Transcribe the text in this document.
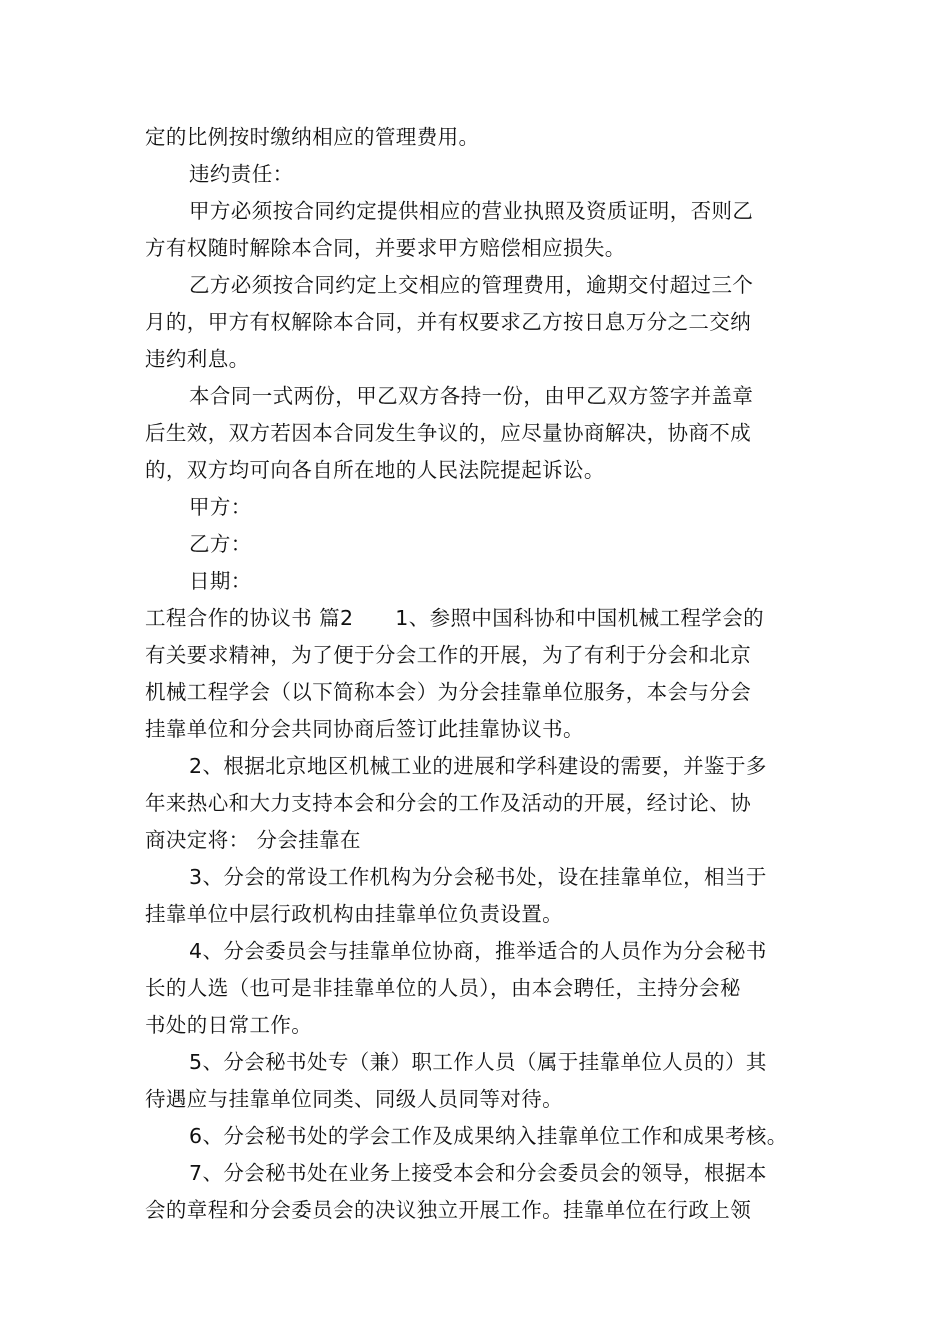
定的比例按时缴纳相应的管理费用。
违约责任：
甲方必须按合同约定提供相应的营业执照及资质证明，否则乙
方有权随时解除本合同，并要求甲方赔偿相应损失。
乙方必须按合同约定上交相应的管理费用，逾期交付超过三个
月的，甲方有权解除本合同，并有权要求乙方按日息万分之二交纳
违约利息。
本合同一式两份，甲乙双方各持一份，由甲乙双方签字并盖章
后生效，双方若因本合同发生争议的，应尽量协商解决，协商不成
的，双方均可向各自所在地的人民法院提起诉讼。
甲方：
乙方：
日期：
工程合作的协议书 篇2　　1、参照中国科协和中国机械工程学会的
有关要求精神，为了便于分会工作的开展，为了有利于分会和北京
机械工程学会（以下简称本会）为分会挂靠单位服务，本会与分会
挂靠单位和分会共同协商后签订此挂靠协议书。
2、根据北京地区机械工业的进展和学科建设的需要，并鉴于多
年来热心和大力支持本会和分会的工作及活动的开展，经讨论、协
商决定将： 分会挂靠在
3、分会的常设工作机构为分会秘书处，设在挂靠单位，相当于
挂靠单位中层行政机构由挂靠单位负责设置。
4、分会委员会与挂靠单位协商，推举适合的人员作为分会秘书
长的人选（也可是非挂靠单位的人员），由本会聘任，主持分会秘
书处的日常工作。
5、分会秘书处专（兼）职工作人员（属于挂靠单位人员的）其
待遇应与挂靠单位同类、同级人员同等对待。
6、分会秘书处的学会工作及成果纳入挂靠单位工作和成果考核。
7、分会秘书处在业务上接受本会和分会委员会的领导，根据本
会的章程和分会委员会的决议独立开展工作。挂靠单位在行政上领
